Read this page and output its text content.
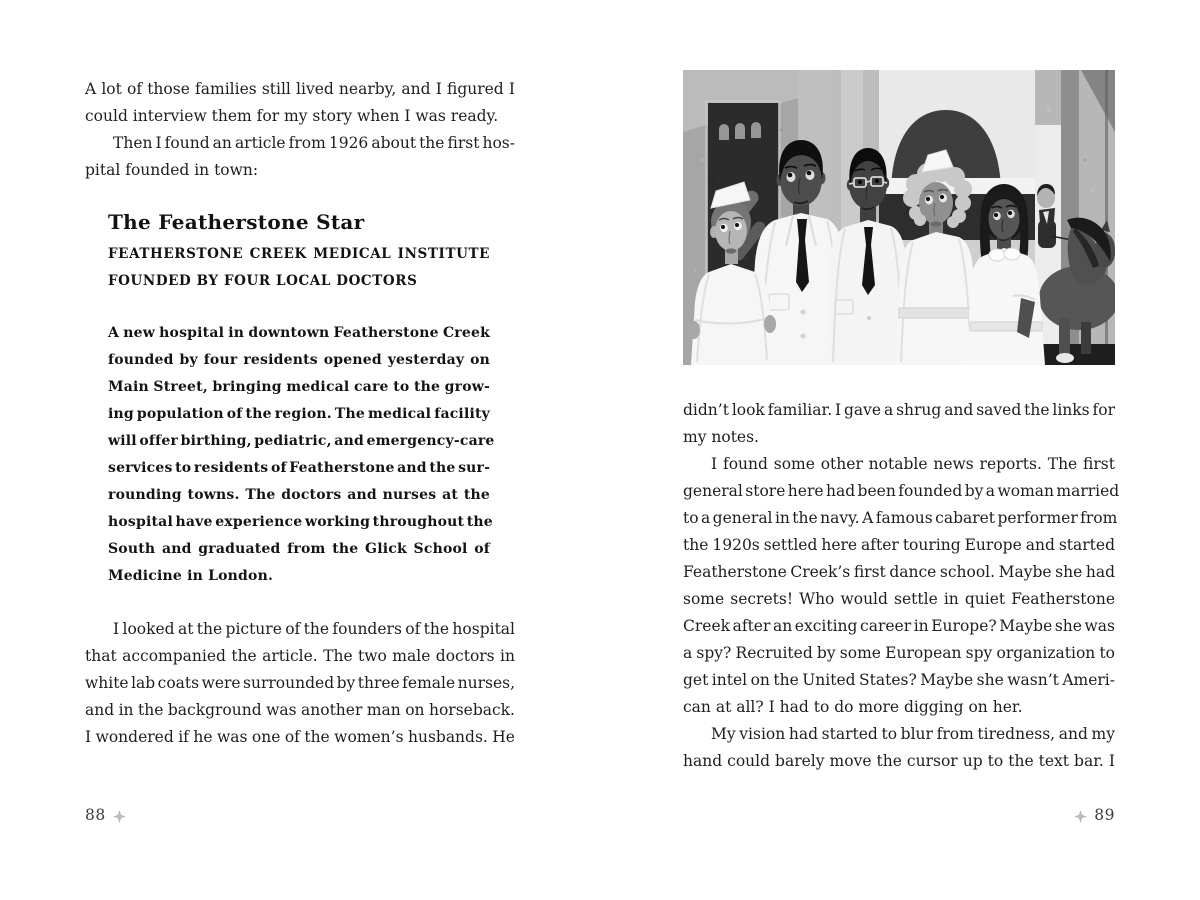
A lot of those families still lived nearby, and I figured I
could interview them for my story when I was ready.
Then I found an article from 1926 about the first hos-
pital founded in town:
The Featherstone Star
FEATHERSTONE CREEK MEDICAL INSTITUTE
FOUNDED BY FOUR LOCAL DOCTORS
A new hospital in downtown Featherstone Creek
founded by four residents opened yesterday on
Main Street, bringing medical care to the grow-
ing population of the region. The medical facility
will offer birthing, pediatric, and emergency-care
services to residents of Featherstone and the sur-
rounding towns. The doctors and nurses at the
hospital have experience working throughout the
South and graduated from the Glick School of
Medicine in London.
I looked at the picture of the founders of the hospital
that accompanied the article. The two male doctors in
white lab coats were surrounded by three female nurses,
and in the background was another man on horseback.
I wondered if he was one of the women’s husbands. He
88
didn’t look familiar. I gave a shrug and saved the links for
my notes.
I found some other notable news reports. The first
general store here had been founded by a woman married
to a general in the navy. A famous cabaret performer from
the 1920s settled here after touring Europe and started
Featherstone Creek’s first dance school. Maybe she had
some secrets! Who would settle in quiet Featherstone
Creek after an exciting career in Europe? Maybe she was
a spy? Recruited by some European spy organization to
get intel on the United States? Maybe she wasn’t Ameri-
can at all? I had to do more digging on her.
My vision had started to blur from tiredness, and my
hand could barely move the cursor up to the text bar. I
89
